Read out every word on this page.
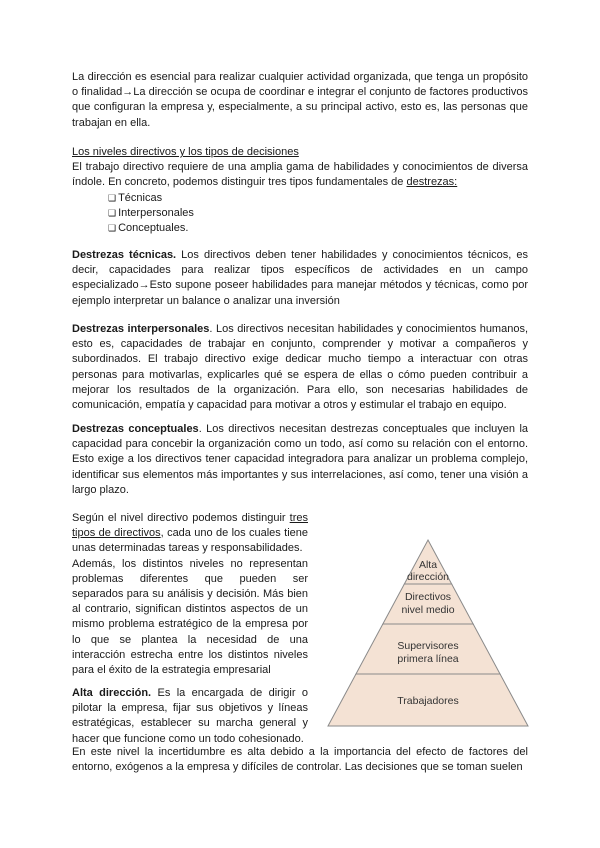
La dirección es esencial para realizar cualquier actividad organizada, que tenga un propósito o finalidad→La dirección se ocupa de coordinar e integrar el conjunto de factores productivos que configuran la empresa y, especialmente, a su principal activo, esto es, las personas que trabajan en ella.
Los niveles directivos y los tipos de decisiones
El trabajo directivo requiere de una amplia gama de habilidades y conocimientos de diversa índole. En concreto, podemos distinguir tres tipos fundamentales de destrezas:
❑ Técnicas
❑ Interpersonales
❑ Conceptuales.
Destrezas técnicas. Los directivos deben tener habilidades y conocimientos técnicos, es decir, capacidades para realizar tipos específicos de actividades en un campo especializado→Esto supone poseer habilidades para manejar métodos y técnicas, como por ejemplo interpretar un balance o analizar una inversión
Destrezas interpersonales. Los directivos necesitan habilidades y conocimientos humanos, esto es, capacidades de trabajar en conjunto, comprender y motivar a compañeros y subordinados. El trabajo directivo exige dedicar mucho tiempo a interactuar con otras personas para motivarlas, explicarles qué se espera de ellas o cómo pueden contribuir a mejorar los resultados de la organización. Para ello, son necesarias habilidades de comunicación, empatía y capacidad para motivar a otros y estimular el trabajo en equipo.
Destrezas conceptuales. Los directivos necesitan destrezas conceptuales que incluyen la capacidad para concebir la organización como un todo, así como su relación con el entorno. Esto exige a los directivos tener capacidad integradora para analizar un problema complejo, identificar sus elementos más importantes y sus interrelaciones, así como, tener una visión a largo plazo.
Según el nivel directivo podemos distinguir tres tipos de directivos, cada uno de los cuales tiene unas determinadas tareas y responsabilidades.
Además, los distintos niveles no representan problemas diferentes que pueden ser separados para su análisis y decisión. Más bien al contrario, significan distintos aspectos de un mismo problema estratégico de la empresa por lo que se plantea la necesidad de una interacción estrecha entre los distintos niveles para el éxito de la estrategia empresarial
Alta dirección. Es la encargada de dirigir o pilotar la empresa, fijar sus objetivos y líneas estratégicas, establecer su marcha general y hacer que funcione como un todo cohesionado.
En este nivel la incertidumbre es alta debido a la importancia del efecto de factores del entorno, exógenos a la empresa y difíciles de controlar. Las decisiones que se toman suelen
Alta
dirección
Directivos
nivel medio
Supervisores
primera línea
Trabajadores
